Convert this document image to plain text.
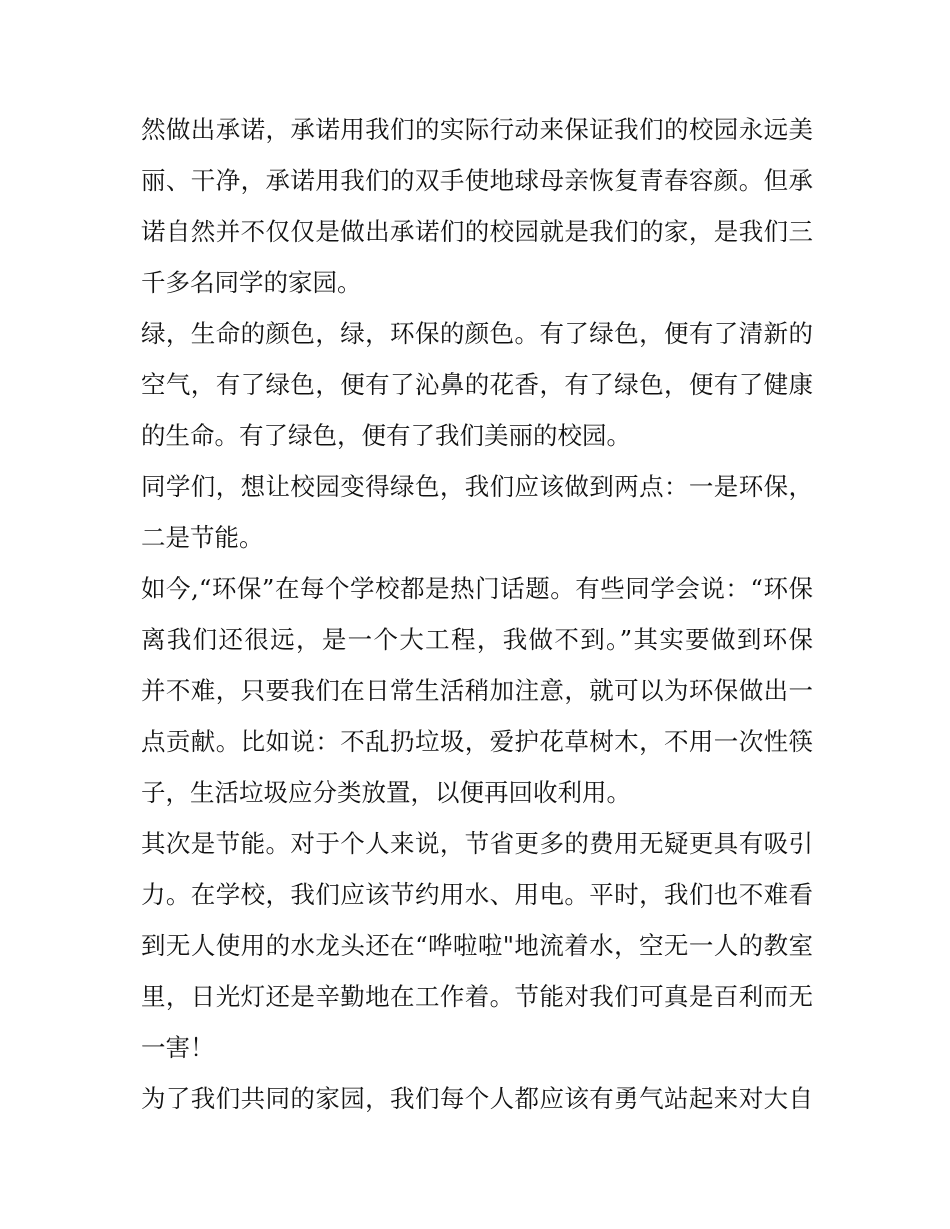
然做出承诺，承诺用我们的实际行动来保证我们的校园永远美
丽、干净，承诺用我们的双手使地球母亲恢复青春容颜。但承
诺自然并不仅仅是做出承诺们的校园就是我们的家，是我们三
千多名同学的家园。
绿，生命的颜色，绿，环保的颜色。有了绿色，便有了清新的
空气，有了绿色，便有了沁鼻的花香，有了绿色，便有了健康
的生命。有了绿色，便有了我们美丽的校园。
同学们，想让校园变得绿色，我们应该做到两点：一是环保，
二是节能。
如今,“环保”在每个学校都是热门话题。有些同学会说：“环保
离我们还很远，是一个大工程，我做不到。”其实要做到环保
并不难，只要我们在日常生活稍加注意，就可以为环保做出一
点贡献。比如说：不乱扔垃圾，爱护花草树木，不用一次性筷
子，生活垃圾应分类放置，以便再回收利用。
其次是节能。对于个人来说，节省更多的费用无疑更具有吸引
力。在学校，我们应该节约用水、用电。平时，我们也不难看
到无人使用的水龙头还在“哗啦啦"地流着水，空无一人的教室
里，日光灯还是辛勤地在工作着。节能对我们可真是百利而无
一害！
为了我们共同的家园，我们每个人都应该有勇气站起来对大自
